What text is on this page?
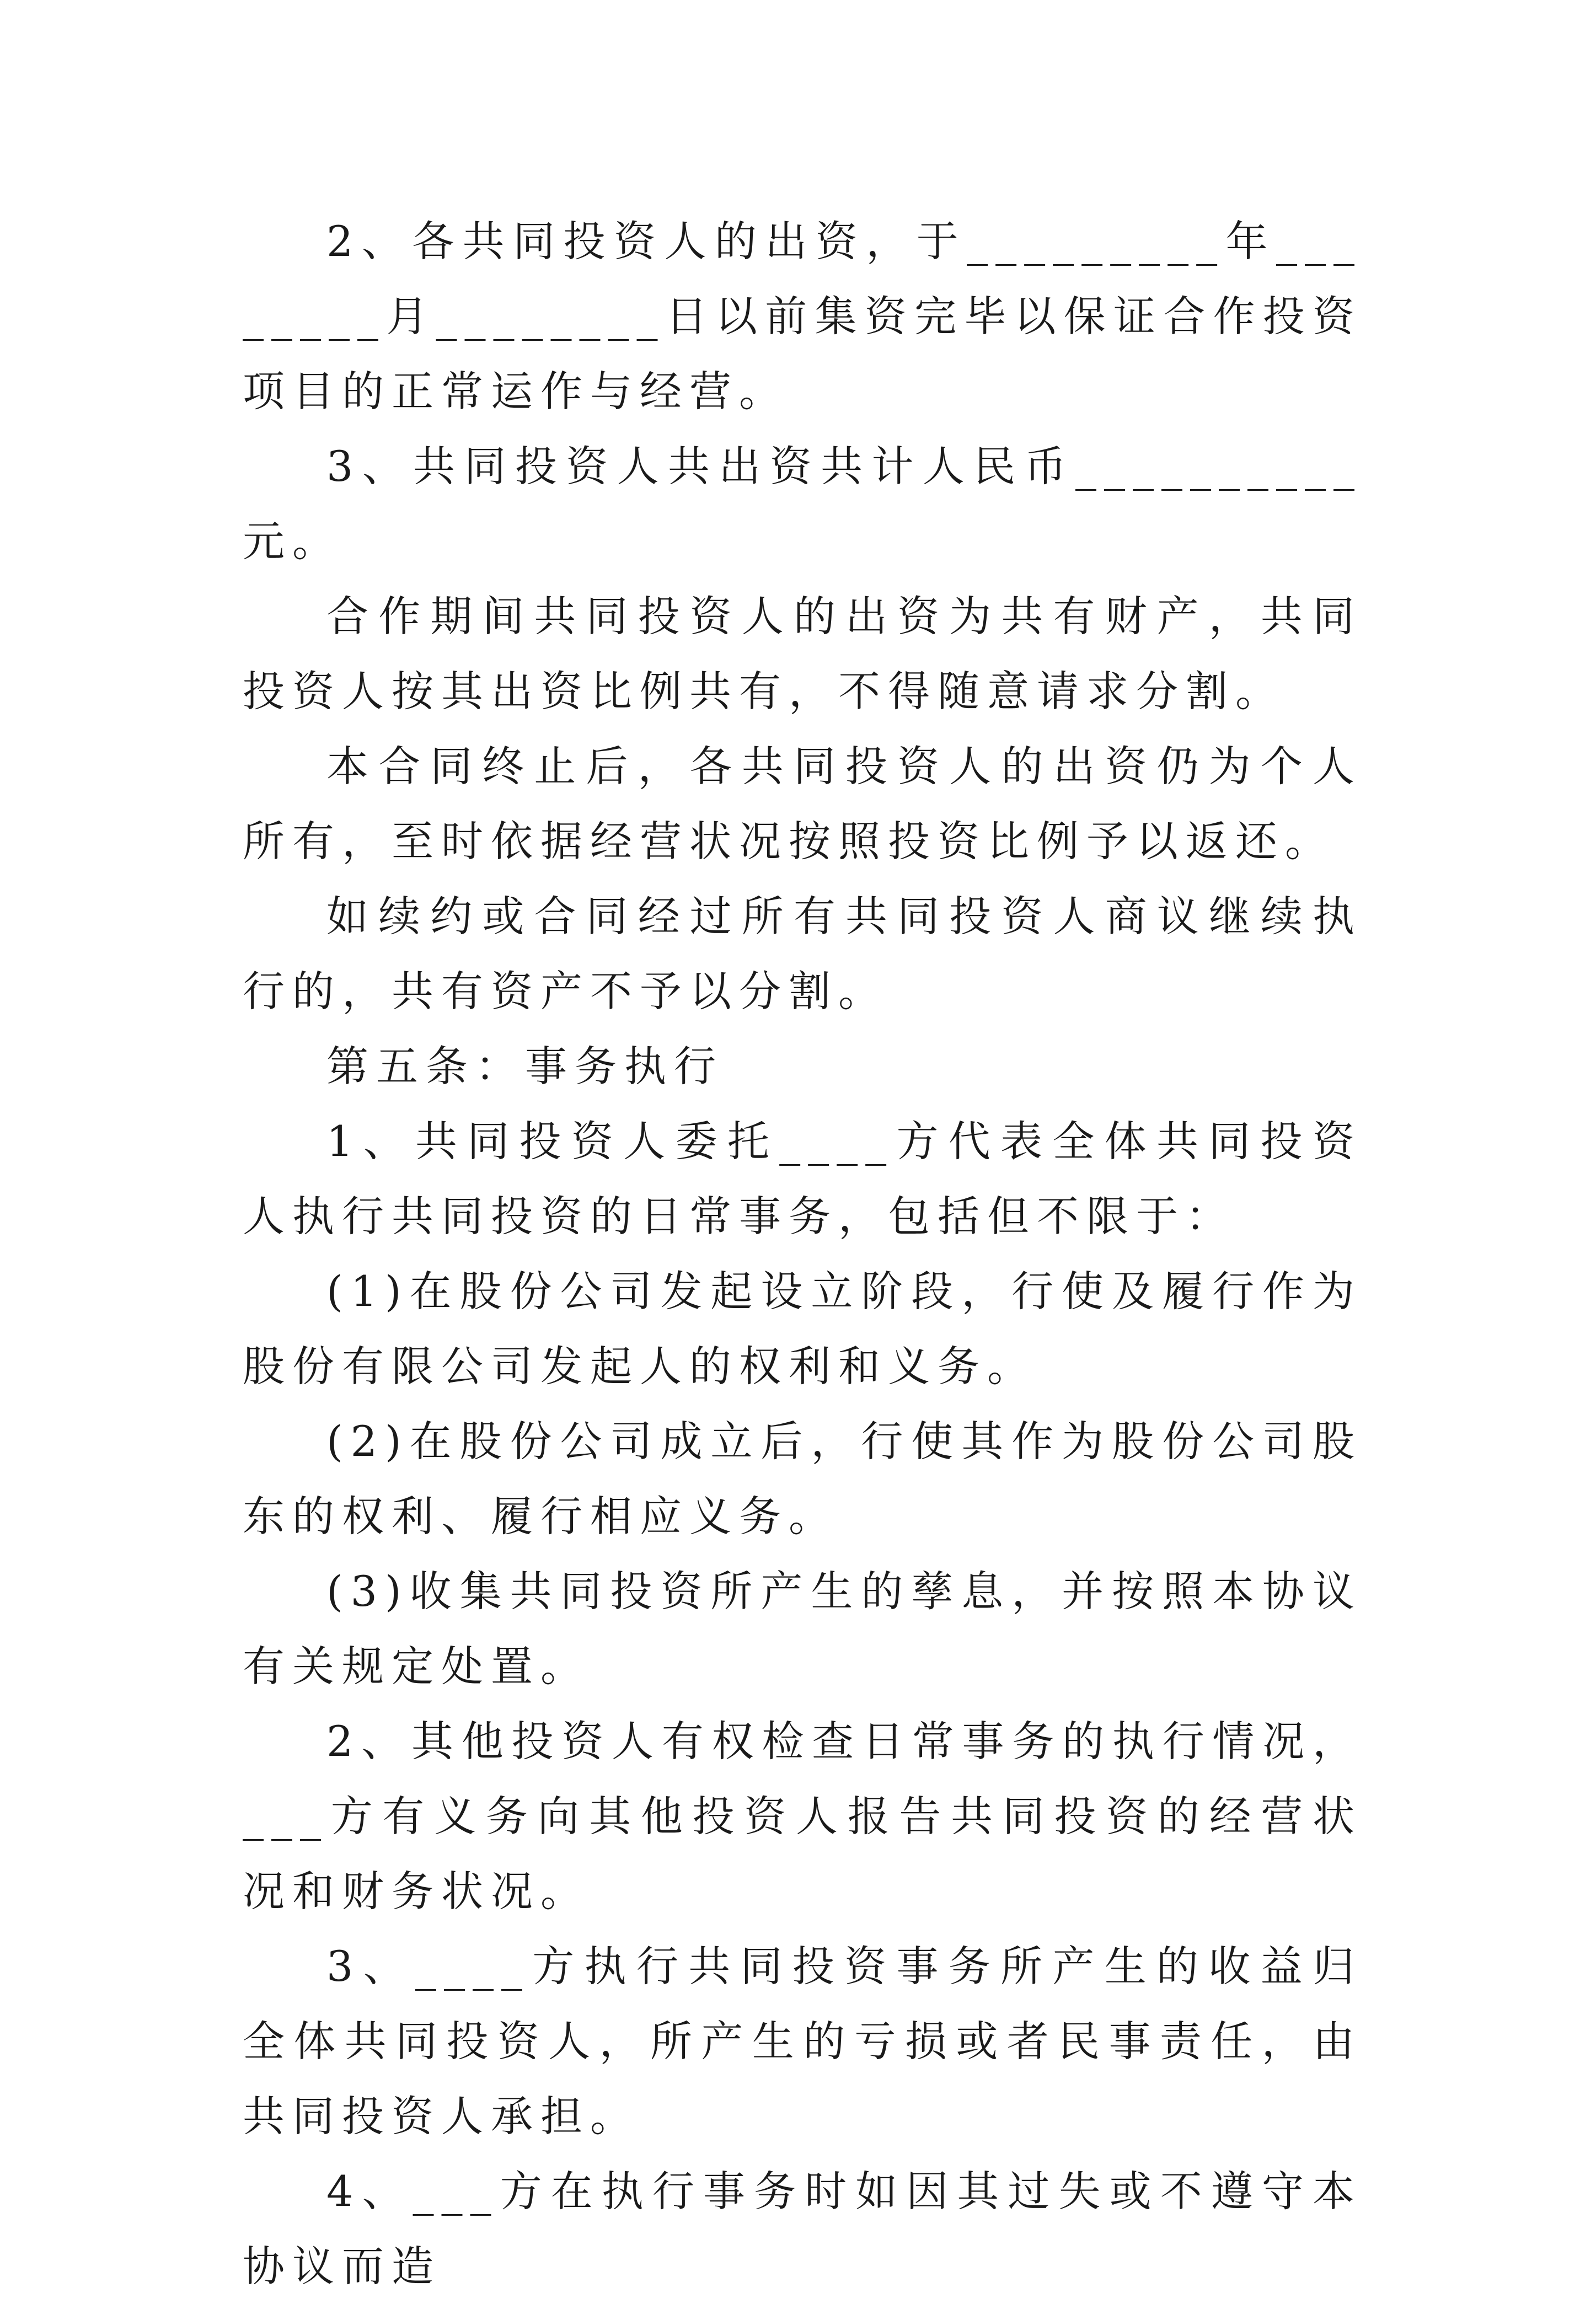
2、各共同投资人的出资，于_________年________月________日以前集资完毕以保证合作投资项目的正常运作与经营。

3、共同投资人共出资共计人民币__________元。

合作期间共同投资人的出资为共有财产，共同投资人按其出资比例共有，不得随意请求分割。

本合同终止后，各共同投资人的出资仍为个人所有，至时依据经营状况按照投资比例予以返还。

如续约或合同经过所有共同投资人商议继续执行的，共有资产不予以分割。

第五条：事务执行

1、共同投资人委托____方代表全体共同投资人执行共同投资的日常事务，包括但不限于：

(1)在股份公司发起设立阶段，行使及履行作为股份有限公司发起人的权利和义务。

(2)在股份公司成立后，行使其作为股份公司股东的权利、履行相应义务。

(3)收集共同投资所产生的孳息，并按照本协议有关规定处置。

2、其他投资人有权检查日常事务的执行情况，___方有义务向其他投资人报告共同投资的经营状况和财务状况。

3、____方执行共同投资事务所产生的收益归全体共同投资人，所产生的亏损或者民事责任，由共同投资人承担。

4、___方在执行事务时如因其过失或不遵守本协议而造
